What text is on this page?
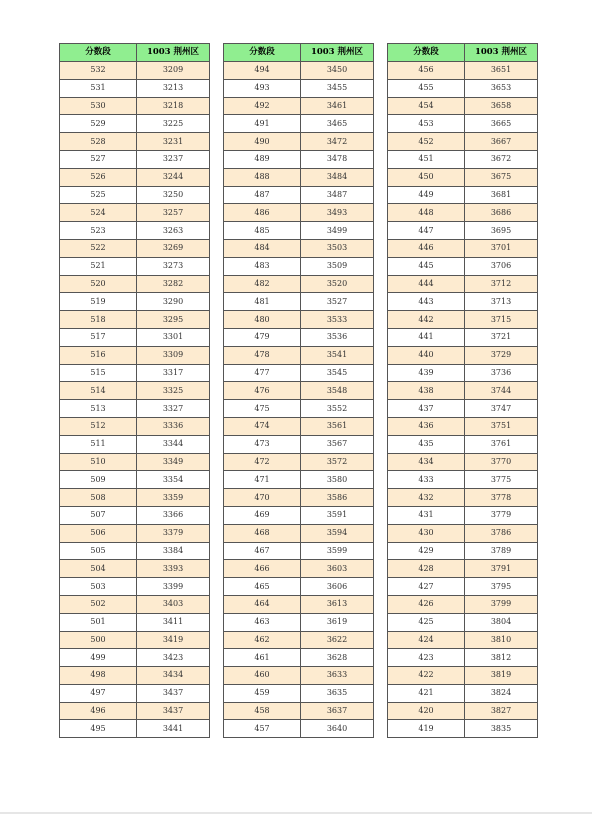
分数段	1003 荆州区
532	3209
531	3213
530	3218
529	3225
528	3231
527	3237
526	3244
525	3250
524	3257
523	3263
522	3269
521	3273
520	3282
519	3290
518	3295
517	3301
516	3309
515	3317
514	3325
513	3327
512	3336
511	3344
510	3349
509	3354
508	3359
507	3366
506	3379
505	3384
504	3393
503	3399
502	3403
501	3411
500	3419
499	3423
498	3434
497	3437
496	3437
495	3441
分数段	1003 荆州区
494	3450
493	3455
492	3461
491	3465
490	3472
489	3478
488	3484
487	3487
486	3493
485	3499
484	3503
483	3509
482	3520
481	3527
480	3533
479	3536
478	3541
477	3545
476	3548
475	3552
474	3561
473	3567
472	3572
471	3580
470	3586
469	3591
468	3594
467	3599
466	3603
465	3606
464	3613
463	3619
462	3622
461	3628
460	3633
459	3635
458	3637
457	3640
分数段	1003 荆州区
456	3651
455	3653
454	3658
453	3665
452	3667
451	3672
450	3675
449	3681
448	3686
447	3695
446	3701
445	3706
444	3712
443	3713
442	3715
441	3721
440	3729
439	3736
438	3744
437	3747
436	3751
435	3761
434	3770
433	3775
432	3778
431	3779
430	3786
429	3789
428	3791
427	3795
426	3799
425	3804
424	3810
423	3812
422	3819
421	3824
420	3827
419	3835
